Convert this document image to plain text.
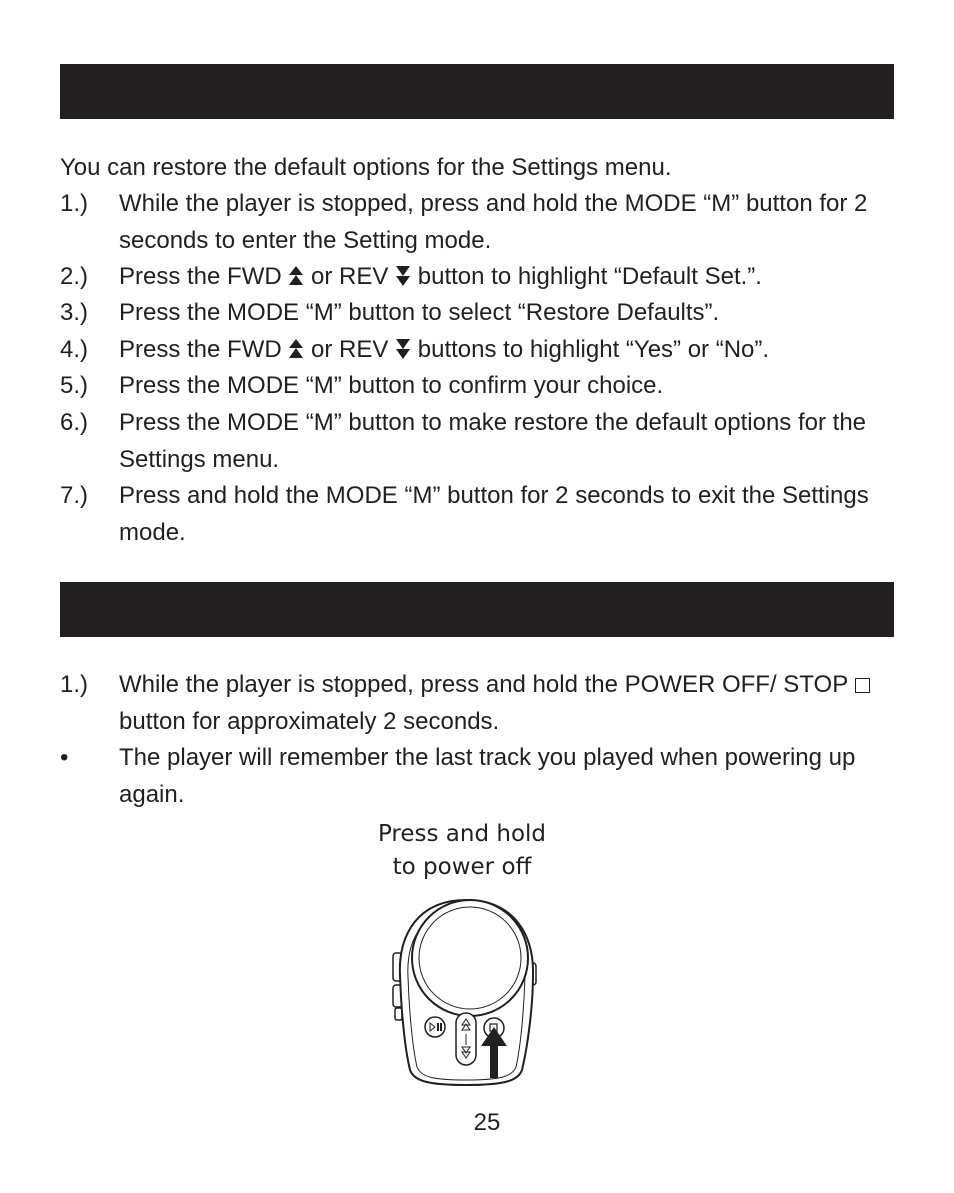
You can restore the default options for the Settings menu.
1.) While the player is stopped, press and hold the MODE “M” button for 2 seconds to enter the Setting mode.
2.) Press the FWD or REV button to highlight “Default Set.”.
3.) Press the MODE “M” button to select “Restore Defaults”.
4.) Press the FWD or REV buttons to highlight “Yes” or “No”.
5.) Press the MODE “M” button to confirm your choice.
6.) Press the MODE “M” button to make restore the default options for the Settings menu.
7.) Press and hold the MODE “M” button for 2 seconds to exit the Settings mode.
1.) While the player is stopped, press and hold the POWER OFF/ STOP  button for approximately 2 seconds.
• The player will remember the last track you played when powering up again.
Press and hold
to power off
25
